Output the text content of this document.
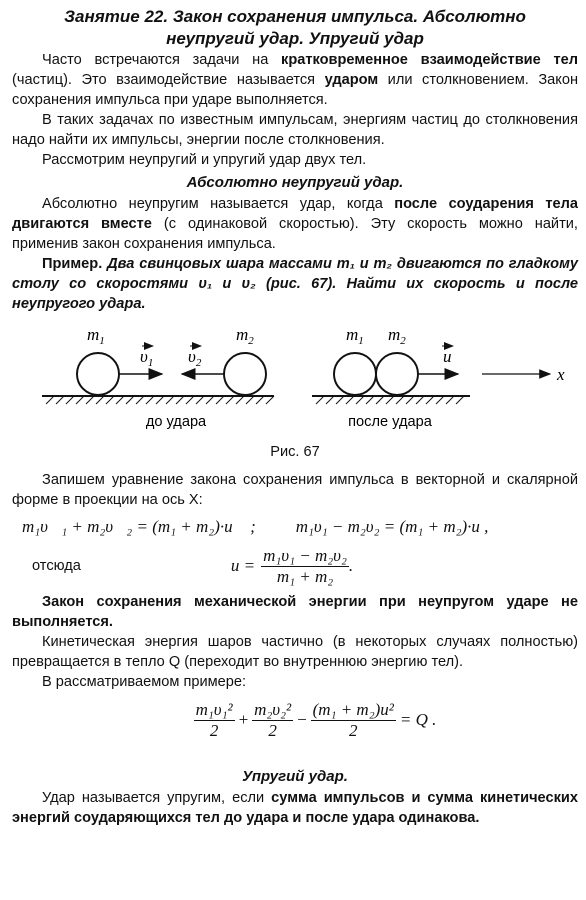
Занятие 22. Закон сохранения импульса. Абсолютно
неупругий удар. Упругий удар

Часто встречаются задачи на кратковременное взаимодействие тел (частиц). Это взаимодействие называется ударом или столкновением. Закон сохранения импульса при ударе выполняется.

В таких задачах по известным импульсам, энергиям частиц до столкновения надо найти их импульсы, энергии после столкновения.

Рассмотрим неупругий и упругий удар двух тел.

Абсолютно неупругий удар.

Абсолютно неупругим называется удар, когда после соударения тела двигаются вместе (с одинаковой скоростью). Эту скорость можно найти, применив закон сохранения импульса.

Пример. Два свинцовых шара массами m₁ и m₂ двигаются по гладкому столу со скоростями υ₁ и υ₂ (рис. 67). Найти их скорость u после неупругого удара.

$m_1$	$m_2$
$\upsilon_1$ $\upsilon_2$
$m_1$ $m_2$
u
x
до удара	после удара
Рис. 67

Запишем уравнение закона сохранения импульса в векторной и скалярной форме в проекции на ось X:

m₁υ⃗₁ + m₂υ⃗₂ = (m₁ + m₂)·u⃗ ; m₁υ₁ − m₂υ₂ = (m₁ + m₂)·u ,
отсюда	$u = \frac{\text{m₁υ₁ − m₂υ₂}}{\text{m₁ + m₂}}$ .

Закон сохранения механической энергии при неупругом ударе не выполняется.

Кинетическая энергия шаров частично (в некоторых случаях полностью) превращается в тепло Q (переходит во внутреннюю энергию тел).

В рассматриваемом примере:

$\frac{\text{m₁υ₁²}}{2} + \frac{\text{m₂υ₂²}}{2} - \frac{\text{(m₁ + m₂)u²}}{2} = Q$ .
Упругий удар.

Удар называется упругим, если сумма импульсов и сумма кинетических энергий соударяющихся тел до удара и после удара одинакова.
